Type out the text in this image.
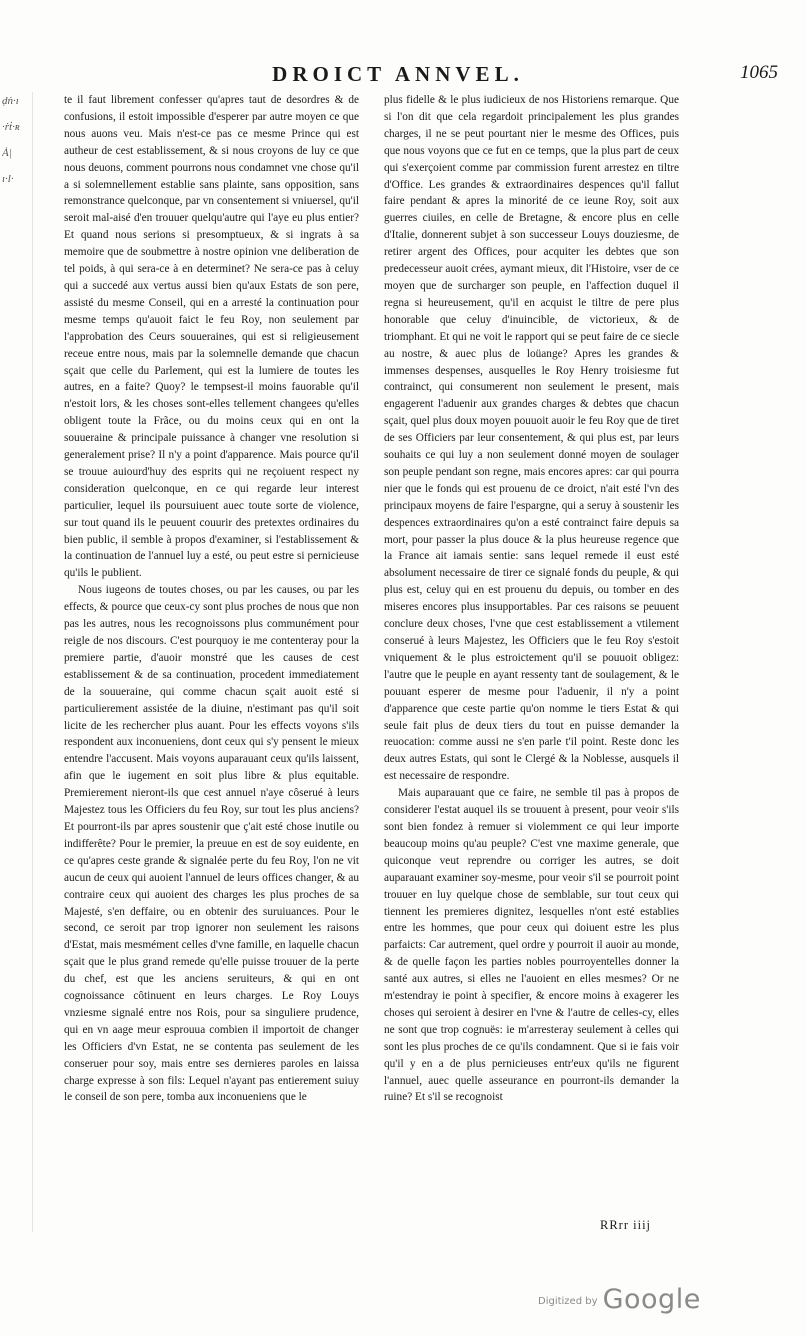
ḍṅ·ı
·ṙṫ·ʀ
Ȧ|
ı·l·
DROICT ANNVEL.	1065

te il faut librement confesser qu'apres taut de desordres & de confusions, il estoit impossible d'esperer par autre moyen ce que nous auons veu. Mais n'est-ce pas ce mesme Prince qui est autheur de cest establissement, & si nous croyons de luy ce que nous deuons, comment pourrons nous condamnet vne chose qu'il a si solemnellement establie sans plainte, sans opposition, sans remonstrance quelconque, par vn consentement si vniuersel, qu'il seroit mal-aisé d'en trouuer quelqu'autre qui l'aye eu plus entier? Et quand nous serions si presomptueux, & si ingrats à sa memoire que de soubmettre à nostre opinion vne deliberation de tel poids, à qui sera-ce à en determinet? Ne sera-ce pas à celuy qui a succedé aux vertus aussi bien qu'aux Estats de son pere, assisté du mesme Conseil, qui en a arresté la continuation pour mesme temps qu'auoit faict le feu Roy, non seulement par l'approbation des Ceurs souueraines, qui est si religieusement receue entre nous, mais par la solemnelle demande que chacun sçait que celle du Parlement, qui est la lumiere de toutes les autres, en a faite? Quoy? le tempsest-il moins fauorable qu'il n'estoit lors, & les choses sont-elles tellement changees qu'elles obligent toute la Frãce, ou du moins ceux qui en ont la souueraine & principale puissance à changer vne resolution si generalement prise? Il n'y a point d'apparence. Mais pource qu'il se trouue auiourd'huy des esprits qui ne reçoiuent respect ny consideration quelconque, en ce qui regarde leur interest particulier, lequel ils poursuiuent auec toute sorte de violence, sur tout quand ils le peuuent couurir des pretextes ordinaires du bien public, il semble à propos d'examiner, si l'establissement & la continuation de l'annuel luy a esté, ou peut estre si pernicieuse qu'ils le publient.

Nous iugeons de toutes choses, ou par les causes, ou par les effects, & pource que ceux-cy sont plus proches de nous que non pas les autres, nous les recognoissons plus communément pour reigle de nos discours. C'est pourquoy ie me contenteray pour la premiere partie, d'auoir monstré que les causes de cest establissement & de sa continuation, procedent immediatement de la souueraine, qui comme chacun sçait auoit esté si particulierement assistée de la diuine, n'estimant pas qu'il soit licite de les rechercher plus auant. Pour les effects voyons s'ils respondent aux inconueniens, dont ceux qui s'y pensent le mieux entendre l'accusent. Mais voyons auparauant ceux qu'ils laissent, afin que le iugement en soit plus libre & plus equitable. Premierement nieront-ils que cest annuel n'aye côserué à leurs Majestez tous les Officiers du feu Roy, sur tout les plus anciens? Et pourront-ils par apres soustenir que ç'ait esté chose inutile ou indifferête? Pour le premier, la preuue en est de soy euidente, en ce qu'apres ceste grande & signalée perte du feu Roy, l'on ne vit aucun de ceux qui auoient l'annuel de leurs offices changer, & au contraire ceux qui auoient des charges les plus proches de sa Majesté, s'en deffaire, ou en obtenir des suruiuances. Pour le second, ce seroit par trop ignorer non seulement les raisons d'Estat, mais mesmément celles d'vne famille, en laquelle chacun sçait que le plus grand remede qu'elle puisse trouuer de la perte du chef, est que les anciens seruiteurs, & qui en ont cognoissance côtinuent en leurs charges. Le Roy Louys vnziesme signalé entre nos Rois, pour sa singuliere prudence, qui en vn aage meur esprouua combien il importoit de changer les Officiers d'vn Estat, ne se contenta pas seulement de les conseruer pour soy, mais entre ses dernieres paroles en laissa charge expresse à son fils: Lequel n'ayant pas entierement suiuy le conseil de son pere, tomba aux inconueniens que le

plus fidelle & le plus iudicieux de nos Historiens remarque. Que si l'on dit que cela regardoit principalement les plus grandes charges, il ne se peut pourtant nier le mesme des Offices, puis que nous voyons que ce fut en ce temps, que la plus part de ceux qui s'exerçoient comme par commission furent arrestez en tiltre d'Office. Les grandes & extraordinaires despences qu'il fallut faire pendant & apres la minorité de ce ieune Roy, soit aux guerres ciuiles, en celle de Bretagne, & encore plus en celle d'Italie, donnerent subjet à son successeur Louys douziesme, de retirer argent des Offices, pour acquiter les debtes que son predecesseur auoit crées, aymant mieux, dit l'Histoire, vser de ce moyen que de surcharger son peuple, en l'affection duquel il regna si heureusement, qu'il en acquist le tiltre de pere plus honorable que celuy d'inuincible, de victorieux, & de triomphant. Et qui ne voit le rapport qui se peut faire de ce siecle au nostre, & auec plus de loüange? Apres les grandes & immenses despenses, ausquelles le Roy Henry troisiesme fut contrainct, qui consumerent non seulement le present, mais engagerent l'aduenir aux grandes charges & debtes que chacun sçait, quel plus doux moyen pouuoit auoir le feu Roy que de tiret de ses Officiers par leur consentement, & qui plus est, par leurs souhaits ce qui luy a non seulement donné moyen de soulager son peuple pendant son regne, mais encores apres: car qui pourra nier que le fonds qui est prouenu de ce droict, n'ait esté l'vn des principaux moyens de faire l'espargne, qui a seruy à soustenir les despences extraordinaires qu'on a esté contrainct faire depuis sa mort, pour passer la plus douce & la plus heureuse regence que la France ait iamais sentie: sans lequel remede il eust esté absolument necessaire de tirer ce signalé fonds du peuple, & qui plus est, celuy qui en est prouenu du depuis, ou tomber en des miseres encores plus insupportables. Par ces raisons se peuuent conclure deux choses, l'vne que cest establissement a vtilement conserué à leurs Majestez, les Officiers que le feu Roy s'estoit vniquement & le plus estroictement qu'il se pouuoit obligez: l'autre que le peuple en ayant ressenty tant de soulagement, & le pouuant esperer de mesme pour l'aduenir, il n'y a point d'apparence que ceste partie qu'on nomme le tiers Estat & qui seule fait plus de deux tiers du tout en puisse demander la reuocation: comme aussi ne s'en parle t'il point. Reste donc les deux autres Estats, qui sont le Clergé & la Noblesse, ausquels il est necessaire de respondre.

Mais auparauant que ce faire, ne semble til pas à propos de considerer l'estat auquel ils se trouuent à present, pour veoir s'ils sont bien fondez à remuer si violemment ce qui leur importe beaucoup moins qu'au peuple? C'est vne maxime generale, que quiconque veut reprendre ou corriger les autres, se doit auparauant examiner soy-mesme, pour veoir s'il se pourroit point trouuer en luy quelque chose de semblable, sur tout ceux qui tiennent les premieres dignitez, lesquelles n'ont esté establies entre les hommes, que pour ceux qui doiuent estre les plus parfaicts: Car autrement, quel ordre y pourroit il auoir au monde, & de quelle façon les parties nobles pourroyentelles donner la santé aux autres, si elles ne l'auoient en elles mesmes? Or ne m'estendray ie point à specifier, & encore moins à exagerer les choses qui seroient à desirer en l'vne & l'autre de celles-cy, elles ne sont que trop cognuës: ie m'arresteray seulement à celles qui sont les plus proches de ce qu'ils condamnent. Que si ie fais voir qu'il y en a de plus pernicieuses entr'eux qu'ils ne figurent l'annuel, auec quelle asseurance en pourront-ils demander la ruine? Et s'il se recognoist

RRrr iiij
$^{Digitized by}$ Google
